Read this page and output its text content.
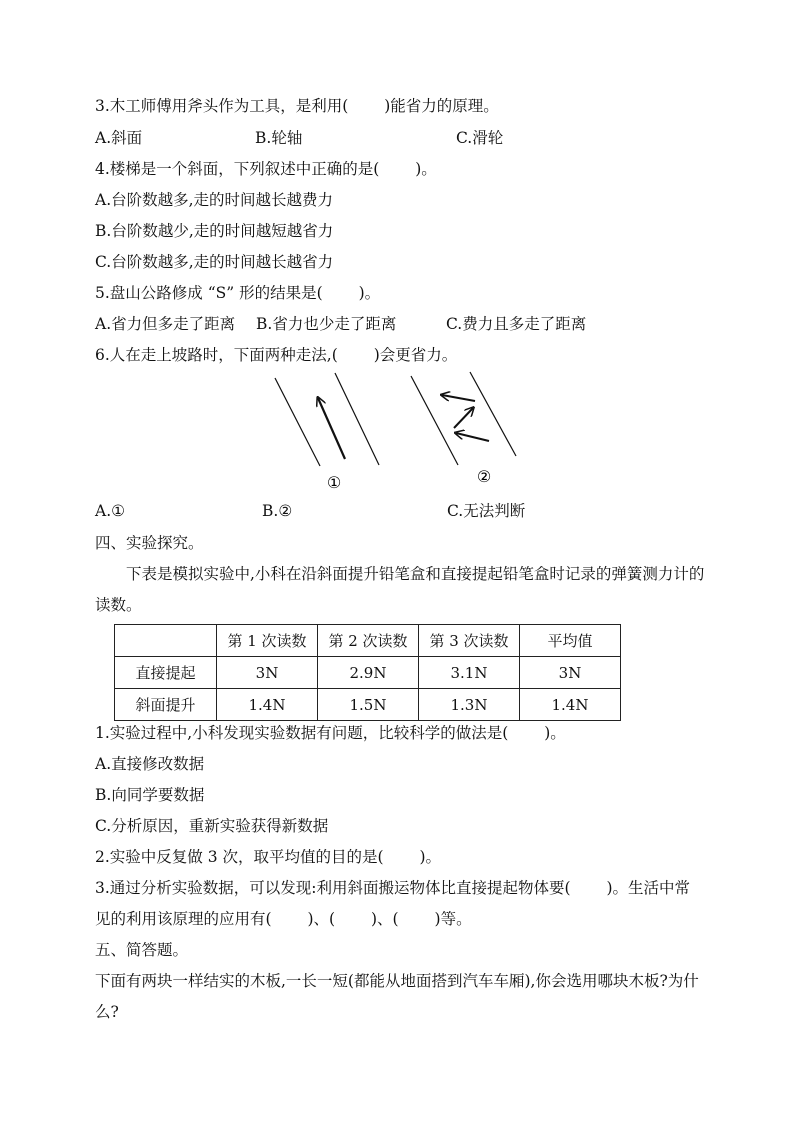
3.木工师傅用斧头作为工具，是利用(　　 )能省力的原理。
A.斜面	B.轮轴	C.滑轮
4.楼梯是一个斜面，下列叙述中正确的是(　　 )。
A.台阶数越多,走的时间越长越费力
B.台阶数越少,走的时间越短越省力
C.台阶数越多,走的时间越长越省力
5.盘山公路修成 “S” 形的结果是(　　 )。
A.省力但多走了距离 B.省力也少走了距离	C.费力且多走了距离
6.人在走上坡路时，下面两种走法,(　　 )会更省力。
①	②
A.①	B.②	C.无法判断
四、实验探究。
下表是模拟实验中,小科在沿斜面提升铅笔盒和直接提起铅笔盒时记录的弹簧测力计的读数。
	第 1 次读数	第 2 次读数	第 3 次读数	平均值
直接提起	3N	2.9N	3.1N	3N
斜面提升	1.4N	1.5N	1.3N	1.4N
1.实验过程中,小科发现实验数据有问题，比较科学的做法是(　　 )。
A.直接修改数据
B.向同学要数据
C.分析原因，重新实验获得新数据
2.实验中反复做 3 次，取平均值的目的是(　　 )。
3.通过分析实验数据，可以发现:利用斜面搬运物体比直接提起物体要(　　 )。生活中常见的利用该原理的应用有(　　 )、(　　 )、(　　 )等。
五、简答题。
下面有两块一样结实的木板,一长一短(都能从地面搭到汽车车厢),你会选用哪块木板?为什么?
